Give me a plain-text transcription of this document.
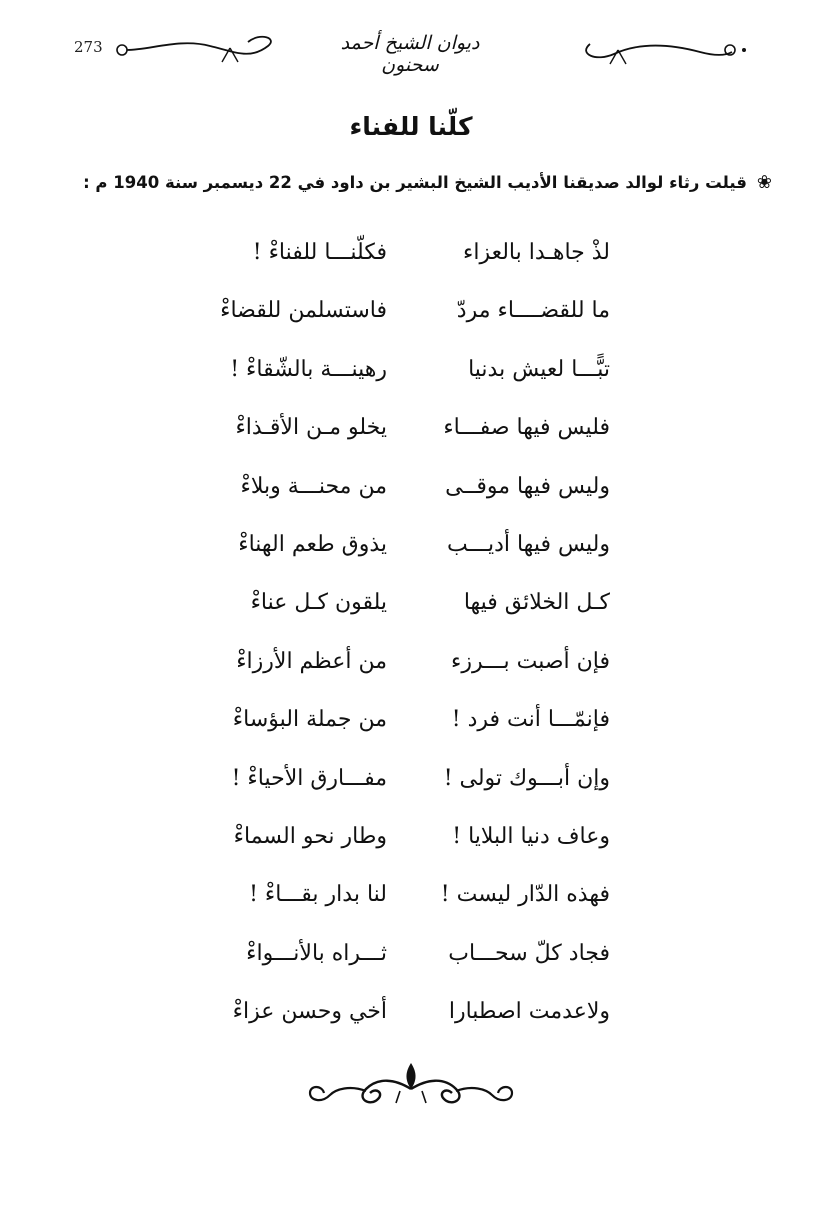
273	ديوان الشيخ أحمد سحنون
كلّنا للفناء
❀قيلت رثاء لوالد صديقنا الأديب الشيخ البشير بن داود في 22 ديسمبر سنة 1940 م :
لذْ جاهـدا بالعزاء
فكلّنـــا للفناءْ !
ما للقضــــاء مردّ
فاستسلمن للقضاءْ
تبًّـــا لعيش بدنيا
رهينـــة بالشّقاءْ !
فليس فيها صفـــاء
يخلو مـن الأقـذاءْ
وليس فيها موقــى
من محنـــة وبلاءْ
وليس فيها أديـــب
يذوق طعم الهناءْ
كـل الخلائق فيها
يلقون كـل عناءْ
فإن أصبت بـــرزء
من أعظم الأرزاءْ
فإنمّـــا أنت فرد !
من جملة البؤساءْ
وإن أبـــوك تولى !
مفـــارق الأحياءْ !
وعاف دنيا البلايا !
وطار نحو السماءْ
فهذه الدّار ليست !
لنا بدار بقـــاءْ !
فجاد كلّ سحـــاب
ثـــراه بالأنـــواءْ
ولاعدمت اصطبارا
أخي وحسن عزاءْ
